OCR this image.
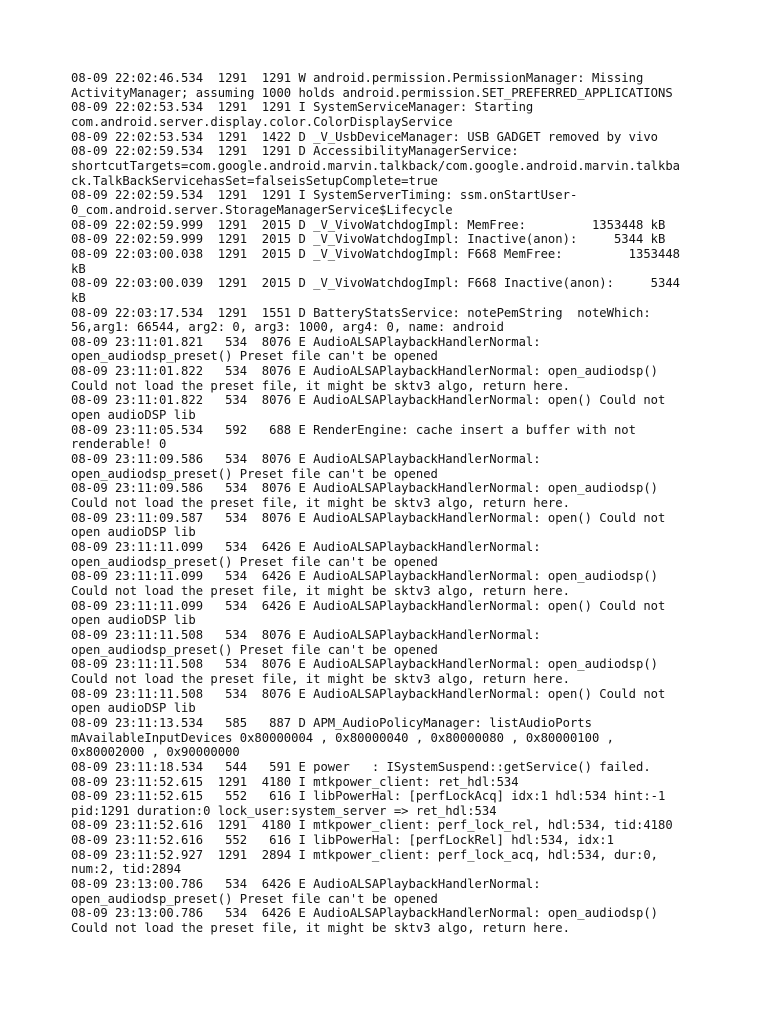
08-09 22:02:46.534  1291  1291 W android.permission.PermissionManager: Missing
ActivityManager; assuming 1000 holds android.permission.SET_PREFERRED_APPLICATIONS
08-09 22:02:53.534  1291  1291 I SystemServiceManager: Starting
com.android.server.display.color.ColorDisplayService
08-09 22:02:53.534  1291  1422 D _V_UsbDeviceManager: USB GADGET removed by vivo
08-09 22:02:59.534  1291  1291 D AccessibilityManagerService:
shortcutTargets=com.google.android.marvin.talkback/com.google.android.marvin.talkba
ck.TalkBackServicehasSet=falseisSetupComplete=true
08-09 22:02:59.534  1291  1291 I SystemServerTiming: ssm.onStartUser-
0_com.android.server.StorageManagerService$Lifecycle
08-09 22:02:59.999  1291  2015 D _V_VivoWatchdogImpl: MemFree:         1353448 kB
08-09 22:02:59.999  1291  2015 D _V_VivoWatchdogImpl: Inactive(anon):     5344 kB
08-09 22:03:00.038  1291  2015 D _V_VivoWatchdogImpl: F668 MemFree:         1353448
kB
08-09 22:03:00.039  1291  2015 D _V_VivoWatchdogImpl: F668 Inactive(anon):     5344
kB
08-09 22:03:17.534  1291  1551 D BatteryStatsService: notePemString  noteWhich:
56,arg1: 66544, arg2: 0, arg3: 1000, arg4: 0, name: android
08-09 23:11:01.821   534  8076 E AudioALSAPlaybackHandlerNormal:
open_audiodsp_preset() Preset file can't be opened
08-09 23:11:01.822   534  8076 E AudioALSAPlaybackHandlerNormal: open_audiodsp()
Could not load the preset file, it might be sktv3 algo, return here.
08-09 23:11:01.822   534  8076 E AudioALSAPlaybackHandlerNormal: open() Could not
open audioDSP lib
08-09 23:11:05.534   592   688 E RenderEngine: cache insert a buffer with not
renderable! 0
08-09 23:11:09.586   534  8076 E AudioALSAPlaybackHandlerNormal:
open_audiodsp_preset() Preset file can't be opened
08-09 23:11:09.586   534  8076 E AudioALSAPlaybackHandlerNormal: open_audiodsp()
Could not load the preset file, it might be sktv3 algo, return here.
08-09 23:11:09.587   534  8076 E AudioALSAPlaybackHandlerNormal: open() Could not
open audioDSP lib
08-09 23:11:11.099   534  6426 E AudioALSAPlaybackHandlerNormal:
open_audiodsp_preset() Preset file can't be opened
08-09 23:11:11.099   534  6426 E AudioALSAPlaybackHandlerNormal: open_audiodsp()
Could not load the preset file, it might be sktv3 algo, return here.
08-09 23:11:11.099   534  6426 E AudioALSAPlaybackHandlerNormal: open() Could not
open audioDSP lib
08-09 23:11:11.508   534  8076 E AudioALSAPlaybackHandlerNormal:
open_audiodsp_preset() Preset file can't be opened
08-09 23:11:11.508   534  8076 E AudioALSAPlaybackHandlerNormal: open_audiodsp()
Could not load the preset file, it might be sktv3 algo, return here.
08-09 23:11:11.508   534  8076 E AudioALSAPlaybackHandlerNormal: open() Could not
open audioDSP lib
08-09 23:11:13.534   585   887 D APM_AudioPolicyManager: listAudioPorts
mAvailableInputDevices 0x80000004 , 0x80000040 , 0x80000080 , 0x80000100 ,
0x80002000 , 0x90000000
08-09 23:11:18.534   544   591 E power   : ISystemSuspend::getService() failed.
08-09 23:11:52.615  1291  4180 I mtkpower_client: ret_hdl:534
08-09 23:11:52.615   552   616 I libPowerHal: [perfLockAcq] idx:1 hdl:534 hint:-1
pid:1291 duration:0 lock_user:system_server => ret_hdl:534
08-09 23:11:52.616  1291  4180 I mtkpower_client: perf_lock_rel, hdl:534, tid:4180
08-09 23:11:52.616   552   616 I libPowerHal: [perfLockRel] hdl:534, idx:1
08-09 23:11:52.927  1291  2894 I mtkpower_client: perf_lock_acq, hdl:534, dur:0,
num:2, tid:2894
08-09 23:13:00.786   534  6426 E AudioALSAPlaybackHandlerNormal:
open_audiodsp_preset() Preset file can't be opened
08-09 23:13:00.786   534  6426 E AudioALSAPlaybackHandlerNormal: open_audiodsp()
Could not load the preset file, it might be sktv3 algo, return here.
